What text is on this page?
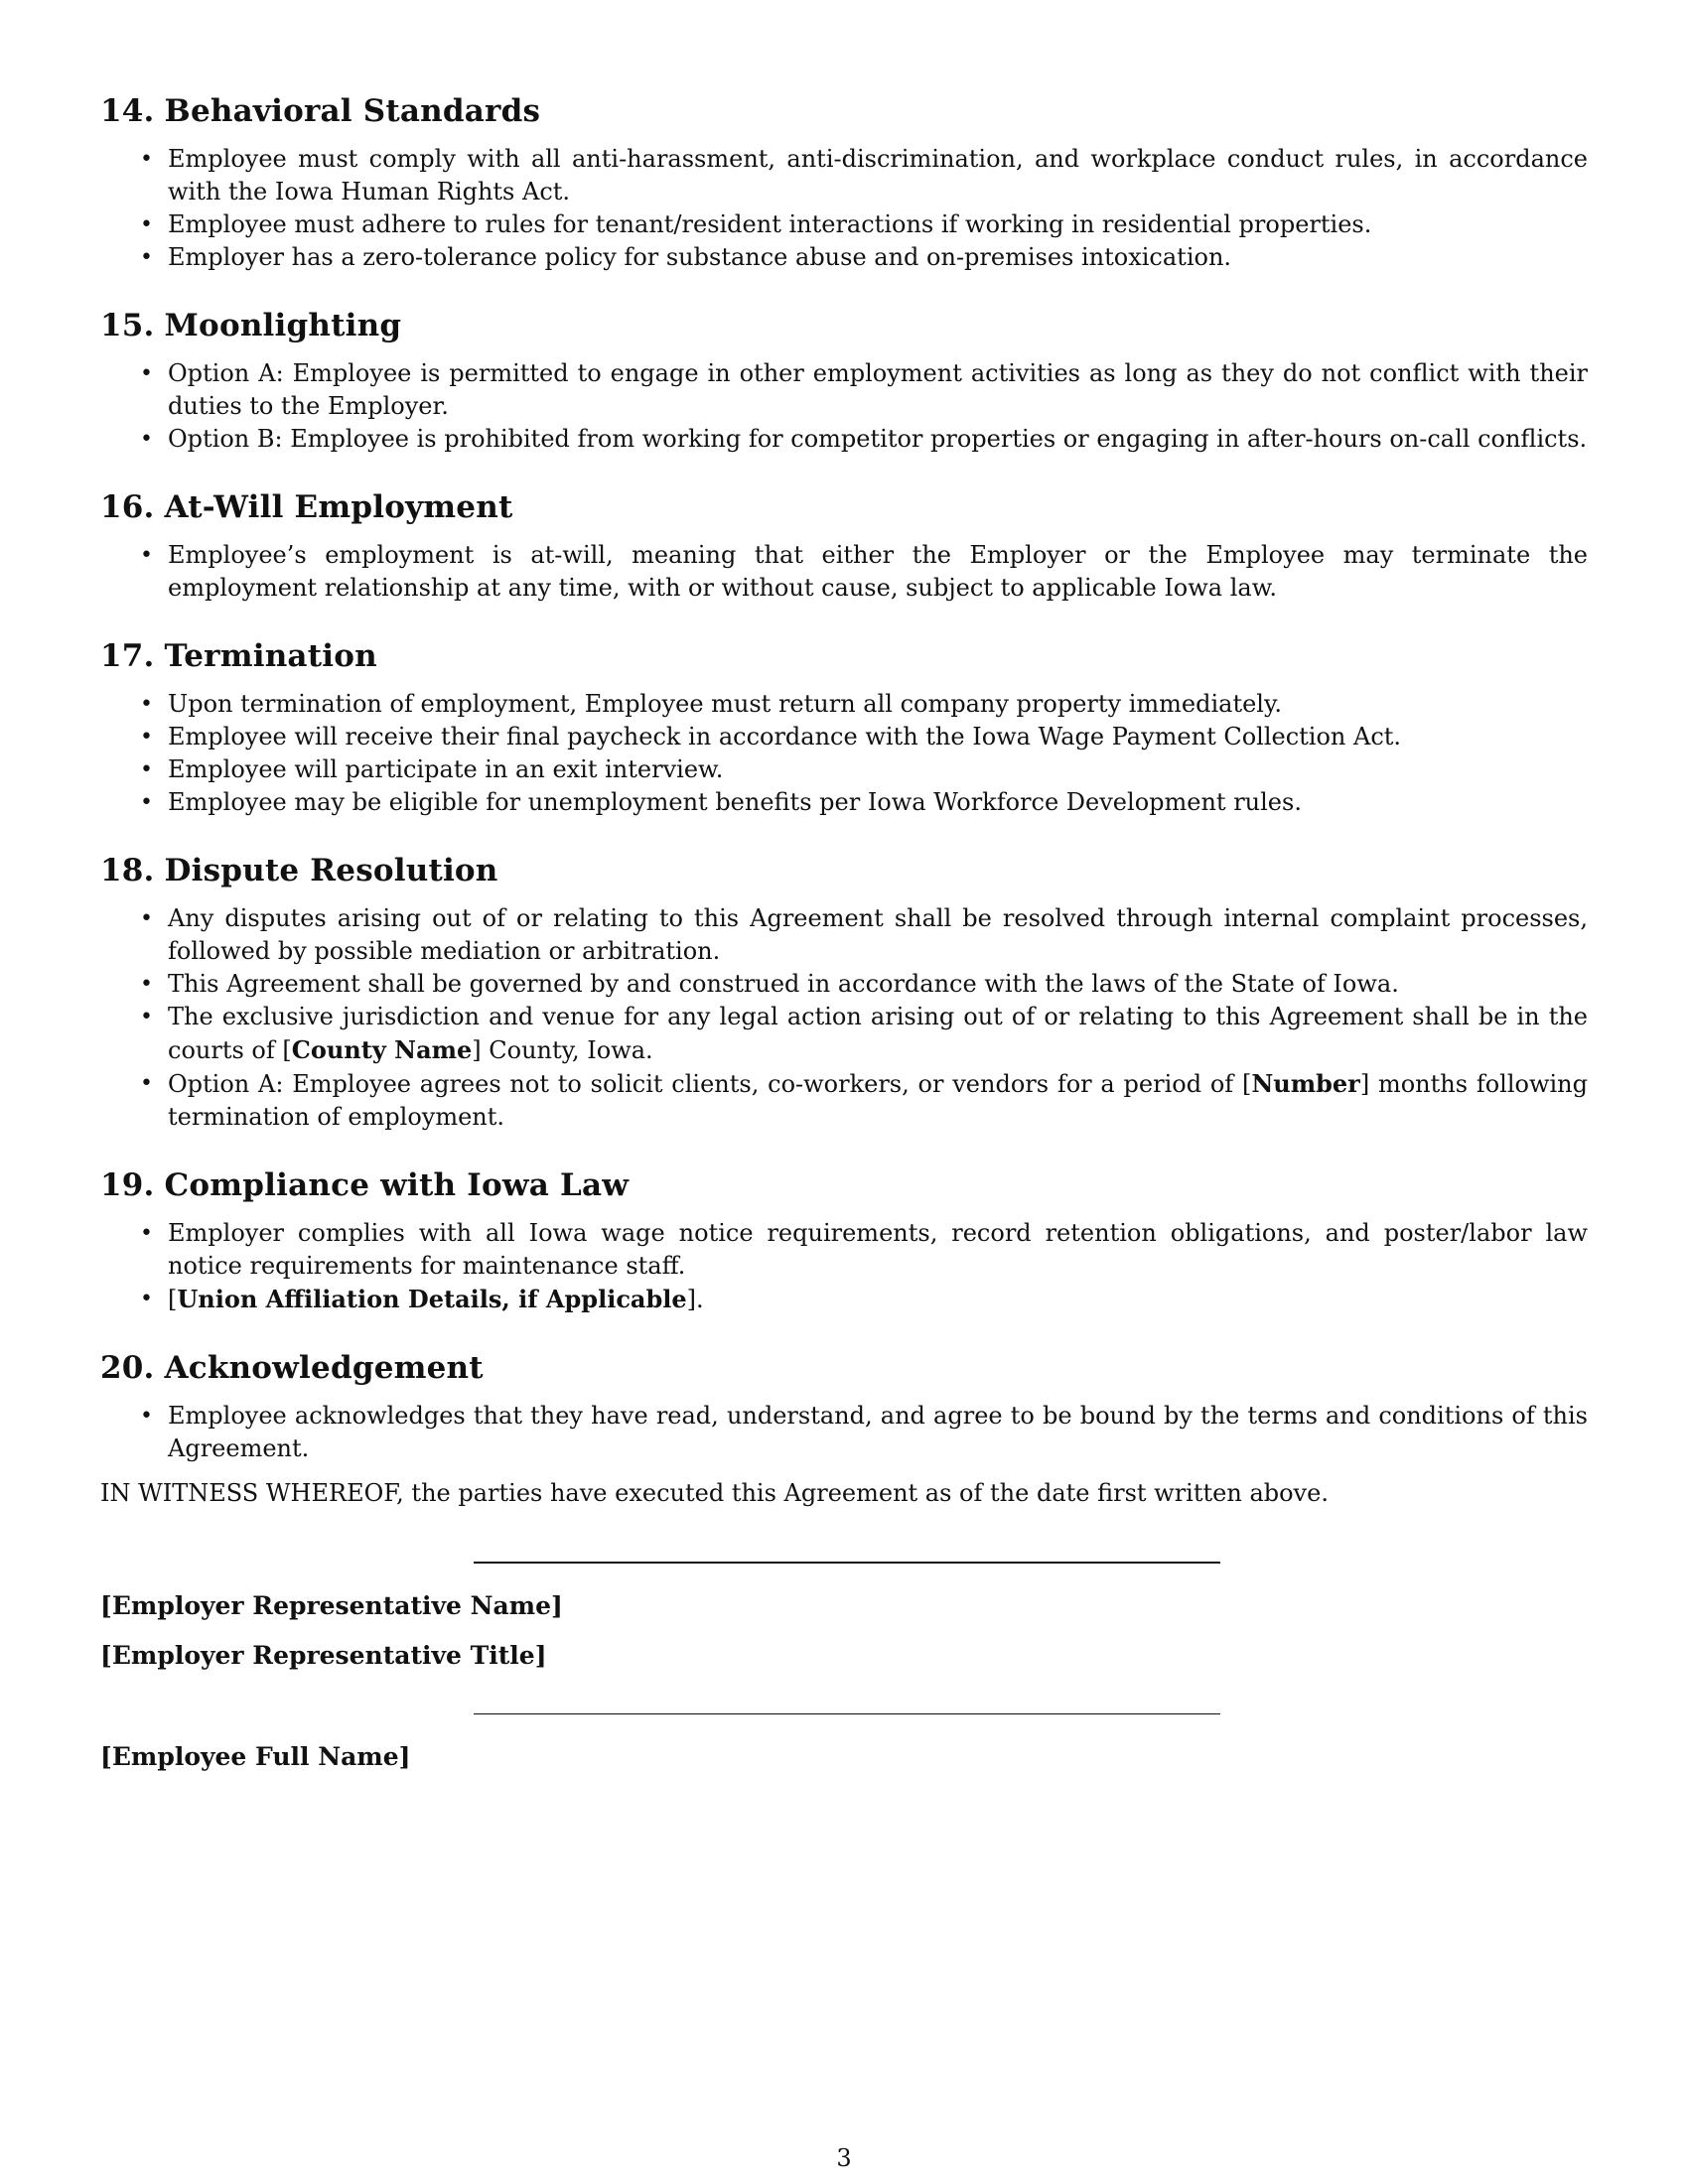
14. Behavioral Standards
• Employee must comply with all anti-harassment, anti-discrimination, and workplace conduct rules, in accordance with the Iowa Human Rights Act.
• Employee must adhere to rules for tenant/resident interactions if working in residential properties.
• Employer has a zero-tolerance policy for substance abuse and on-premises intoxication.
15. Moonlighting
• Option A: Employee is permitted to engage in other employment activities as long as they do not conflict with their duties to the Employer.
• Option B: Employee is prohibited from working for competitor properties or engaging in after-hours on-call conflicts.
16. At-Will Employment
• Employee’s employment is at-will, meaning that either the Employer or the Employee may terminate the employment relationship at any time, with or without cause, subject to applicable Iowa law.
17. Termination
• Upon termination of employment, Employee must return all company property immediately.
• Employee will receive their final paycheck in accordance with the Iowa Wage Payment Collection Act.
• Employee will participate in an exit interview.
• Employee may be eligible for unemployment benefits per Iowa Workforce Development rules.
18. Dispute Resolution
• Any disputes arising out of or relating to this Agreement shall be resolved through internal complaint processes, followed by possible mediation or arbitration.
• This Agreement shall be governed by and construed in accordance with the laws of the State of Iowa.
• The exclusive jurisdiction and venue for any legal action arising out of or relating to this Agreement shall be in the courts of [County Name] County, Iowa.
• Option A: Employee agrees not to solicit clients, co-workers, or vendors for a period of [Number] months following termination of employment.
19. Compliance with Iowa Law
• Employer complies with all Iowa wage notice requirements, record retention obligations, and poster/labor law notice requirements for maintenance staff.
• [Union Affiliation Details, if Applicable].
20. Acknowledgement
• Employee acknowledges that they have read, understand, and agree to be bound by the terms and conditions of this Agreement.
IN WITNESS WHEREOF, the parties have executed this Agreement as of the date first written above.
[Employer Representative Name]
[Employer Representative Title]
[Employee Full Name]
3
